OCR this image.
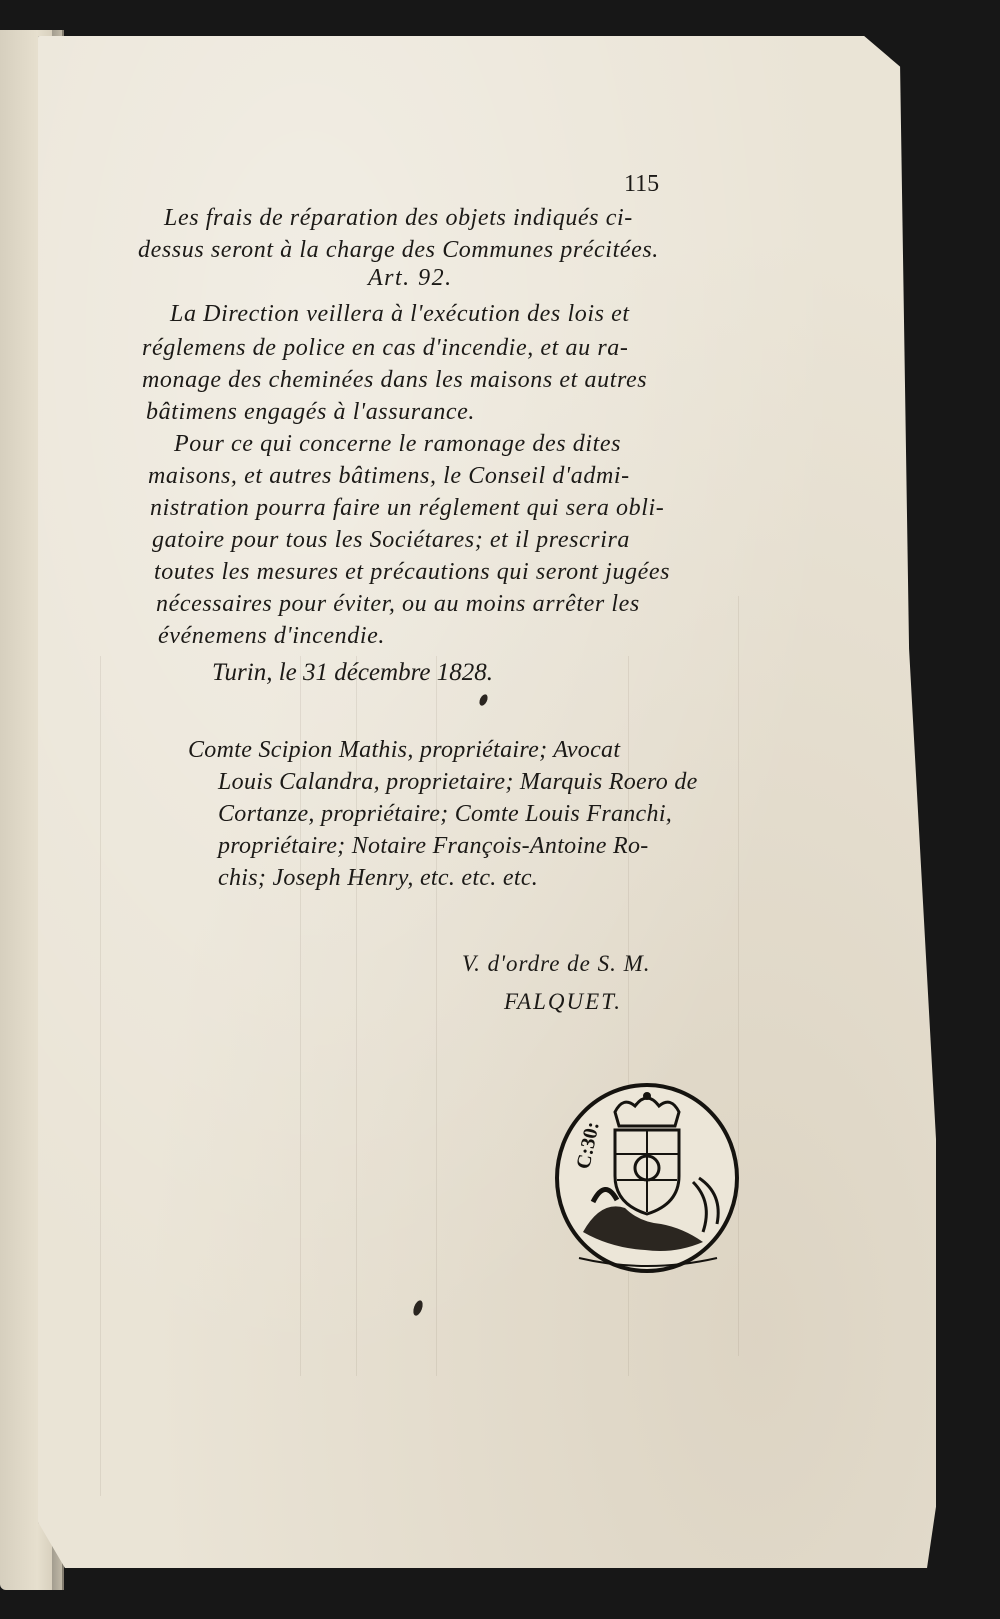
115
Les frais de réparation des objets indiqués ci-
dessus seront à la charge des Communes précitées.
Art. 92.
La Direction veillera à l'exécution des lois et
réglemens de police en cas d'incendie, et au ra-
monage des cheminées dans les maisons et autres
bâtimens engagés à l'assurance.
Pour ce qui concerne le ramonage des dites
maisons, et autres bâtimens, le Conseil d'admi-
nistration pourra faire un réglement qui sera obli-
gatoire pour tous les Sociétares; et il prescrira
toutes les mesures et précautions qui seront jugées
nécessaires pour éviter, ou au moins arrêter les
événemens d'incendie.
Turin, le 31 décembre 1828.
Comte Scipion Mathis, propriétaire; Avocat
Louis Calandra, proprietaire; Marquis Roero de
Cortanze, propriétaire; Comte Louis Franchi,
propriétaire; Notaire François-Antoine Ro-
chis; Joseph Henry, etc. etc. etc.
V. d'ordre de S. M.
FALQUET.
C:30:
